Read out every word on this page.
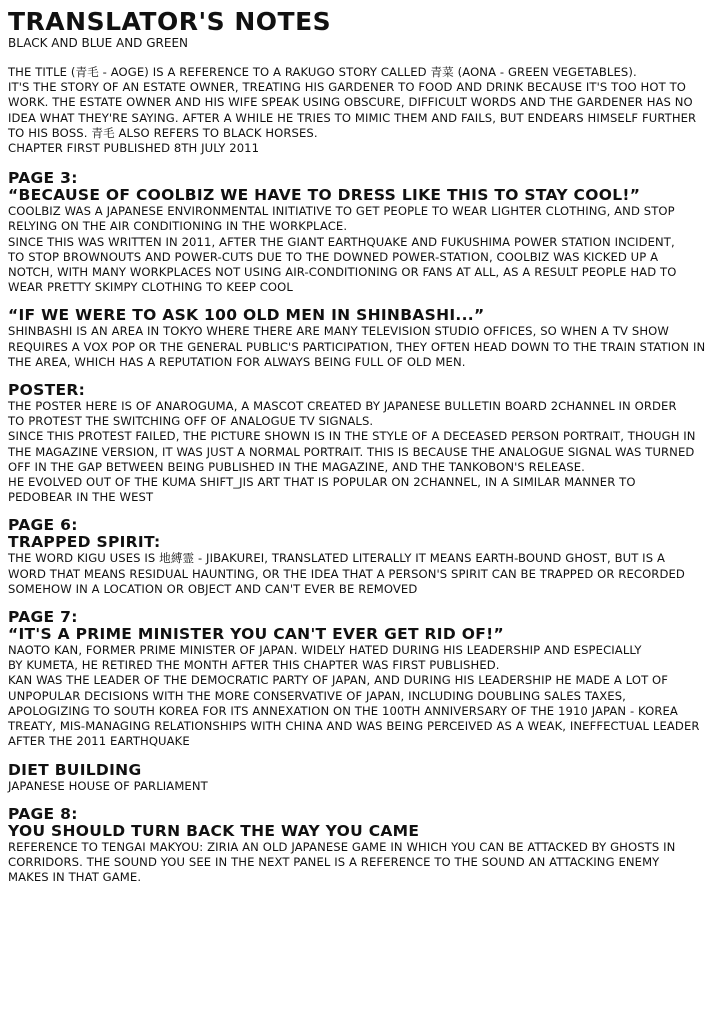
TRANSLATOR'S NOTES

BLACK AND BLUE AND GREEN

THE TITLE (青毛 - AOGE) IS A REFERENCE TO A RAKUGO STORY CALLED 青菜 (AONA - GREEN VEGETABLES).
IT'S THE STORY OF AN ESTATE OWNER, TREATING HIS GARDENER TO FOOD AND DRINK BECAUSE IT'S TOO HOT TO
WORK. THE ESTATE OWNER AND HIS WIFE SPEAK USING OBSCURE, DIFFICULT WORDS AND THE GARDENER HAS NO
IDEA WHAT THEY'RE SAYING. AFTER A WHILE HE TRIES TO MIMIC THEM AND FAILS, BUT ENDEARS HIMSELF FURTHER
TO HIS BOSS. 青毛 ALSO REFERS TO BLACK HORSES.
CHAPTER FIRST PUBLISHED 8TH JULY 2011

PAGE 3:
“BECAUSE OF COOLBIZ WE HAVE TO DRESS LIKE THIS TO STAY COOL!”

COOLBIZ WAS A JAPANESE ENVIRONMENTAL INITIATIVE TO GET PEOPLE TO WEAR LIGHTER CLOTHING, AND STOP
RELYING ON THE AIR CONDITIONING IN THE WORKPLACE.
SINCE THIS WAS WRITTEN IN 2011, AFTER THE GIANT EARTHQUAKE AND FUKUSHIMA POWER STATION INCIDENT,
TO STOP BROWNOUTS AND POWER-CUTS DUE TO THE DOWNED POWER-STATION, COOLBIZ WAS KICKED UP A
NOTCH, WITH MANY WORKPLACES NOT USING AIR-CONDITIONING OR FANS AT ALL, AS A RESULT PEOPLE HAD TO
WEAR PRETTY SKIMPY CLOTHING TO KEEP COOL

“IF WE WERE TO ASK 100 OLD MEN IN SHINBASHI...”

SHINBASHI IS AN AREA IN TOKYO WHERE THERE ARE MANY TELEVISION STUDIO OFFICES, SO WHEN A TV SHOW
REQUIRES A VOX POP OR THE GENERAL PUBLIC'S PARTICIPATION, THEY OFTEN HEAD DOWN TO THE TRAIN STATION IN
THE AREA, WHICH HAS A REPUTATION FOR ALWAYS BEING FULL OF OLD MEN.

POSTER:

THE POSTER HERE IS OF ANAROGUMA, A MASCOT CREATED BY JAPANESE BULLETIN BOARD 2CHANNEL IN ORDER
TO PROTEST THE SWITCHING OFF OF ANALOGUE TV SIGNALS.
SINCE THIS PROTEST FAILED, THE PICTURE SHOWN IS IN THE STYLE OF A DECEASED PERSON PORTRAIT, THOUGH IN
THE MAGAZINE VERSION, IT WAS JUST A NORMAL PORTRAIT. THIS IS BECAUSE THE ANALOGUE SIGNAL WAS TURNED
OFF IN THE GAP BETWEEN BEING PUBLISHED IN THE MAGAZINE, AND THE TANKOBON'S RELEASE.
HE EVOLVED OUT OF THE KUMA SHIFT_JIS ART THAT IS POPULAR ON 2CHANNEL, IN A SIMILAR MANNER TO
PEDOBEAR IN THE WEST

PAGE 6:
TRAPPED SPIRIT:

THE WORD KIGU USES IS 地縛霊 - JIBAKUREI, TRANSLATED LITERALLY IT MEANS EARTH-BOUND GHOST, BUT IS A
WORD THAT MEANS RESIDUAL HAUNTING, OR THE IDEA THAT A PERSON'S SPIRIT CAN BE TRAPPED OR RECORDED
SOMEHOW IN A LOCATION OR OBJECT AND CAN'T EVER BE REMOVED

PAGE 7:
“IT'S A PRIME MINISTER YOU CAN'T EVER GET RID OF!”

NAOTO KAN, FORMER PRIME MINISTER OF JAPAN. WIDELY HATED DURING HIS LEADERSHIP AND ESPECIALLY
BY KUMETA, HE RETIRED THE MONTH AFTER THIS CHAPTER WAS FIRST PUBLISHED.
KAN WAS THE LEADER OF THE DEMOCRATIC PARTY OF JAPAN, AND DURING HIS LEADERSHIP HE MADE A LOT OF
UNPOPULAR DECISIONS WITH THE MORE CONSERVATIVE OF JAPAN, INCLUDING DOUBLING SALES TAXES,
APOLOGIZING TO SOUTH KOREA FOR ITS ANNEXATION ON THE 100TH ANNIVERSARY OF THE 1910 JAPAN - KOREA
TREATY, MIS-MANAGING RELATIONSHIPS WITH CHINA AND WAS BEING PERCEIVED AS A WEAK, INEFFECTUAL LEADER
AFTER THE 2011 EARTHQUAKE

DIET BUILDING

JAPANESE HOUSE OF PARLIAMENT

PAGE 8:
YOU SHOULD TURN BACK THE WAY YOU CAME

REFERENCE TO TENGAI MAKYOU: ZIRIA AN OLD JAPANESE GAME IN WHICH YOU CAN BE ATTACKED BY GHOSTS IN
CORRIDORS. THE SOUND YOU SEE IN THE NEXT PANEL IS A REFERENCE TO THE SOUND AN ATTACKING ENEMY
MAKES IN THAT GAME.
